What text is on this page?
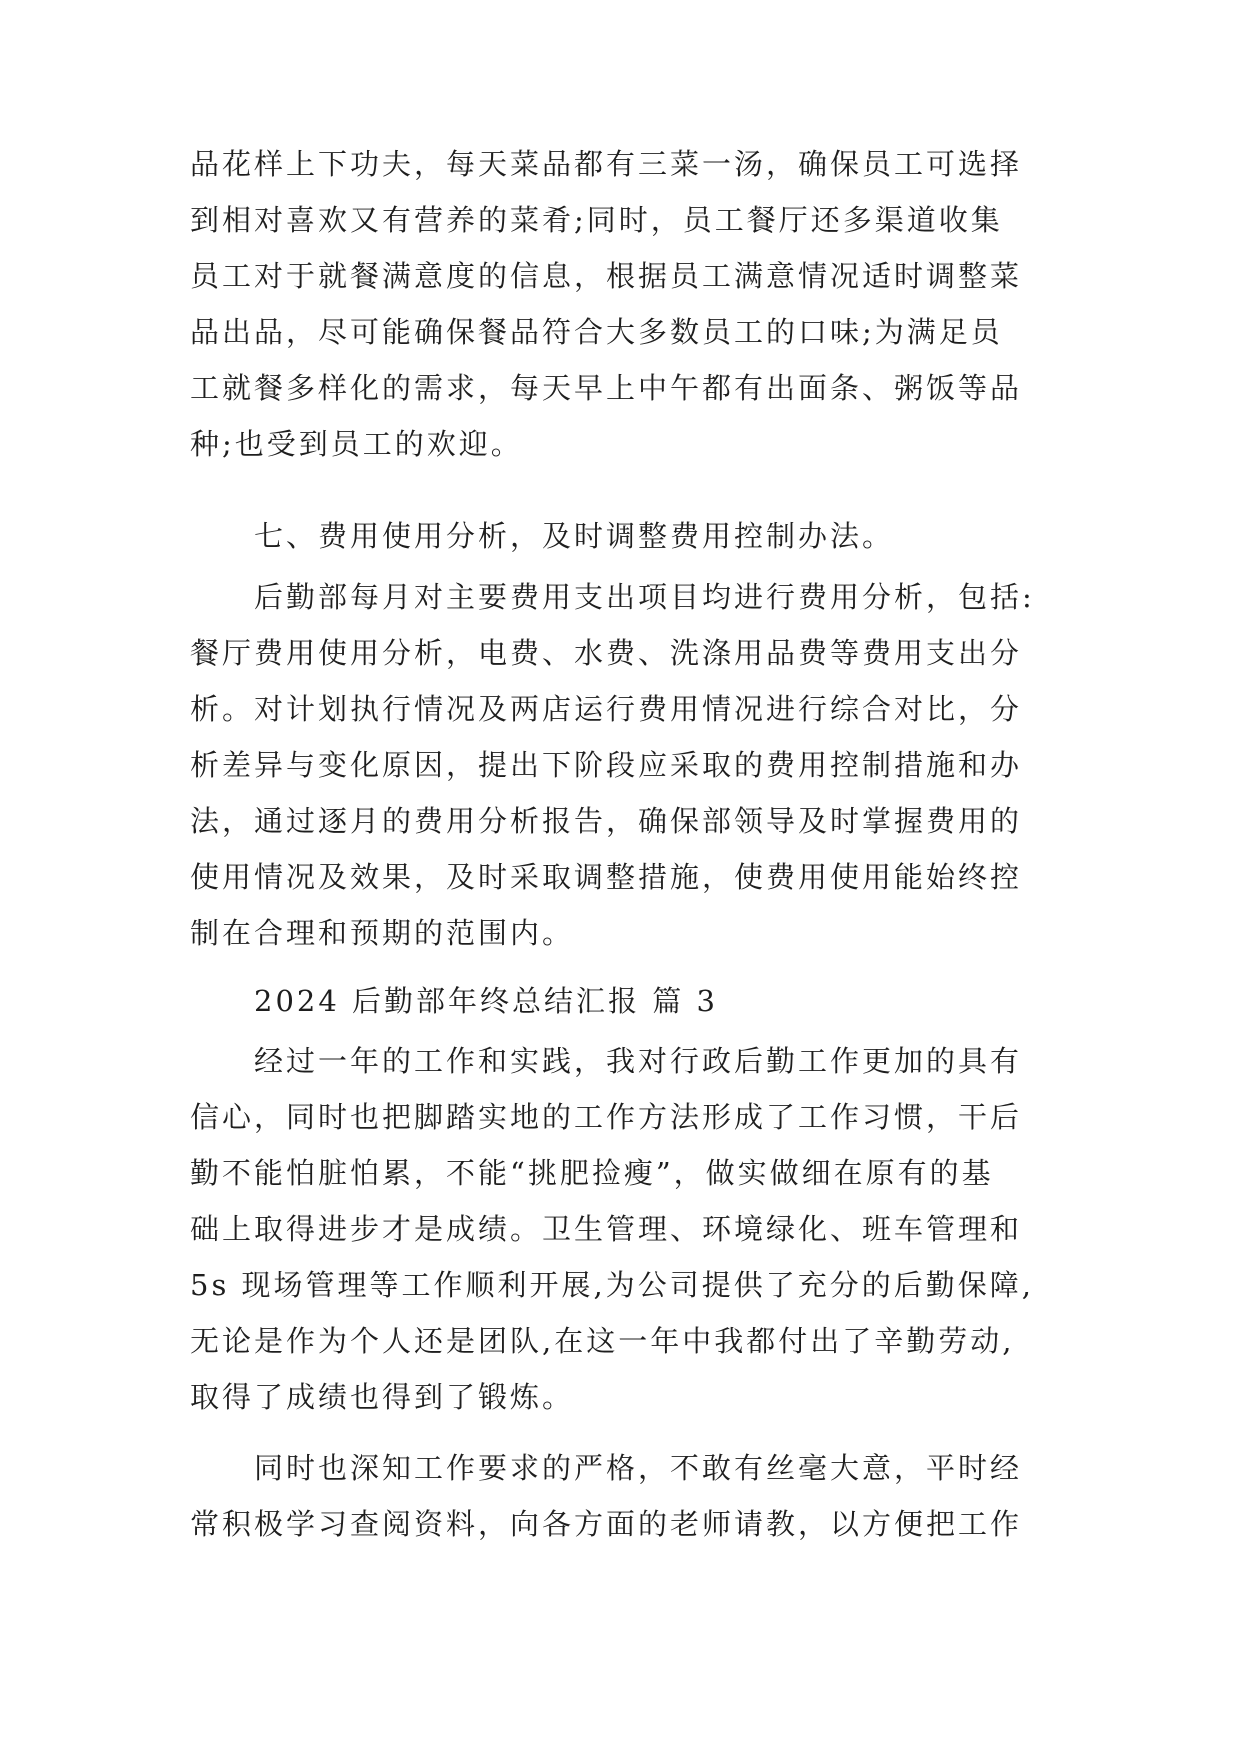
品花样上下功夫，每天菜品都有三菜一汤，确保员工可选择
到相对喜欢又有营养的菜肴;同时，员工餐厅还多渠道收集
员工对于就餐满意度的信息，根据员工满意情况适时调整菜
品出品，尽可能确保餐品符合大多数员工的口味;为满足员
工就餐多样化的需求，每天早上中午都有出面条、粥饭等品
种;也受到员工的欢迎。
七、费用使用分析，及时调整费用控制办法。
后勤部每月对主要费用支出项目均进行费用分析，包括:
餐厅费用使用分析，电费、水费、洗涤用品费等费用支出分
析。对计划执行情况及两店运行费用情况进行综合对比，分
析差异与变化原因，提出下阶段应采取的费用控制措施和办
法，通过逐月的费用分析报告，确保部领导及时掌握费用的
使用情况及效果，及时采取调整措施，使费用使用能始终控
制在合理和预期的范围内。
2024 后勤部年终总结汇报 篇 3
经过一年的工作和实践，我对行政后勤工作更加的具有
信心，同时也把脚踏实地的工作方法形成了工作习惯，干后
勤不能怕脏怕累，不能“挑肥捡瘦”，做实做细在原有的基
础上取得进步才是成绩。卫生管理、环境绿化、班车管理和
5s 现场管理等工作顺利开展,为公司提供了充分的后勤保障,
无论是作为个人还是团队,在这一年中我都付出了辛勤劳动,
取得了成绩也得到了锻炼。
同时也深知工作要求的严格，不敢有丝毫大意，平时经
常积极学习查阅资料，向各方面的老师请教，以方便把工作
